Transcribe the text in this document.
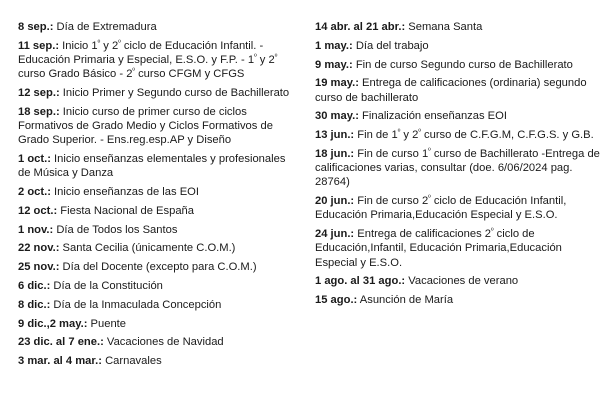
8 sep.: Día de Extremadura
11 sep.: Inicio $1^º$ y $2^º$ ciclo de Educación Infantil. -Educación Primaria y Especial, E.S.O. y F.P. - $1^º$ y $2^º$ curso Grado Básico - $2^º$ curso CFGM y CFGS
12 sep.: Inicio Primer y Segundo curso de Bachillerato
18 sep.: Inicio curso de primer curso de ciclos Formativos de Grado Medio y Ciclos Formativos de Grado Superior. - Ens.reg.esp.AP y Diseño
1 oct.: Inicio enseñanzas elementales y profesionales de Música y Danza
2 oct.: Inicio enseñanzas de las EOI
12 oct.: Fiesta Nacional de España
1 nov.: Día de Todos los Santos
22 nov.: Santa Cecilia (únicamente C.O.M.)
25 nov.: Día del Docente (excepto para C.O.M.)
6 dic.: Día de la Constitución
8 dic.: Día de la Inmaculada Concepción
9 dic.,2 may.: Puente
23 dic. al 7 ene.: Vacaciones de Navidad
3 mar. al 4 mar.: Carnavales
14 abr. al 21 abr.: Semana Santa
1 may.: Día del trabajo
9 may.: Fin de curso Segundo curso de Bachillerato
19 may.: Entrega de calificaciones (ordinaria) segundo curso de bachillerato
30 may.: Finalización enseñanzas EOI
13 jun.: Fin de $1^º$ y $2^º$ curso de C.F.G.M, C.F.G.S. y G.B.
18 jun.: Fin de curso $1^º$ curso de Bachillerato -Entrega de calificaciones varias, consultar (doe. 6/06/2024 pag. 28764)
20 jun.: Fin de curso $2^º$ ciclo de Educación Infantil, Educación Primaria,Educación Especial y E.S.O.
24 jun.: Entrega de calificaciones $2^º$ ciclo de Educación,Infantil, Educación Primaria,Educación Especial y E.S.O.
1 ago. al 31 ago.: Vacaciones de verano
15 ago.: Asunción de María
